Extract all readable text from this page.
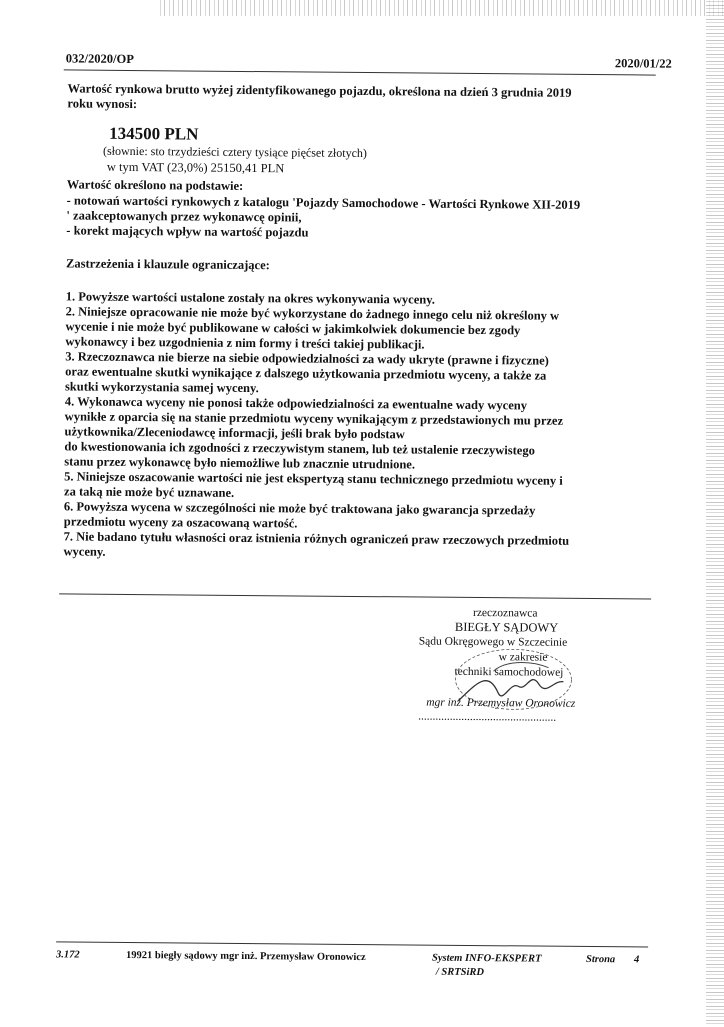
032/2020/OP	2020/01/22
Wartość rynkowa brutto wyżej zidentyfikowanego pojazdu, określona na dzień 3 grudnia 2019
roku wynosi:
134500 PLN
(słownie: sto trzydzieści cztery tysiące pięćset złotych)
w tym VAT (23,0%) 25150,41 PLN
Wartość określono na podstawie:
- notowań wartości rynkowych z katalogu 'Pojazdy Samochodowe - Wartości Rynkowe XII-2019
' zaakceptowanych przez wykonawcę opinii,
- korekt mających wpływ na wartość pojazdu
Zastrzeżenia i klauzule ograniczające:
1. Powyższe wartości ustalone zostały na okres wykonywania wyceny.
2. Niniejsze opracowanie nie może być wykorzystane do żadnego innego celu niż określony w
wycenie i nie może być publikowane w całości w jakimkolwiek dokumencie bez zgody
wykonawcy i bez uzgodnienia z nim formy i treści takiej publikacji.
3. Rzeczoznawca nie bierze na siebie odpowiedzialności za wady ukryte (prawne i fizyczne)
oraz ewentualne skutki wynikające z dalszego użytkowania przedmiotu wyceny, a także za
skutki wykorzystania samej wyceny.
4. Wykonawca wyceny nie ponosi także odpowiedzialności za ewentualne wady wyceny
wynikłe z oparcia się na stanie przedmiotu wyceny wynikającym z przedstawionych mu przez
użytkownika/Zleceniodawcę informacji, jeśli brak było podstaw
do kwestionowania ich zgodności z rzeczywistym stanem, lub też ustalenie rzeczywistego
stanu przez wykonawcę było niemożliwe lub znacznie utrudnione.
5. Niniejsze oszacowanie wartości nie jest ekspertyzą stanu technicznego przedmiotu wyceny i
za taką nie może być uznawane.
6. Powyższa wycena w szczególności nie może być traktowana jako gwarancja sprzedaży
przedmiotu wyceny za oszacowaną wartość.
7. Nie badano tytułu własności oraz istnienia różnych ograniczeń praw rzeczowych przedmiotu
wyceny.
rzeczoznawca
BIEGŁY SĄDOWY
Sądu Okręgowego w Szczecinie
w zakresie
techniki samochodowej
mgr inż. Przemysław Oronowicz
................................................
3.172	19921 biegły sądowy mgr inż. Przemysław Oronowicz	System INFO-EKSPERT
/ SRTSiRD
Strona 4
